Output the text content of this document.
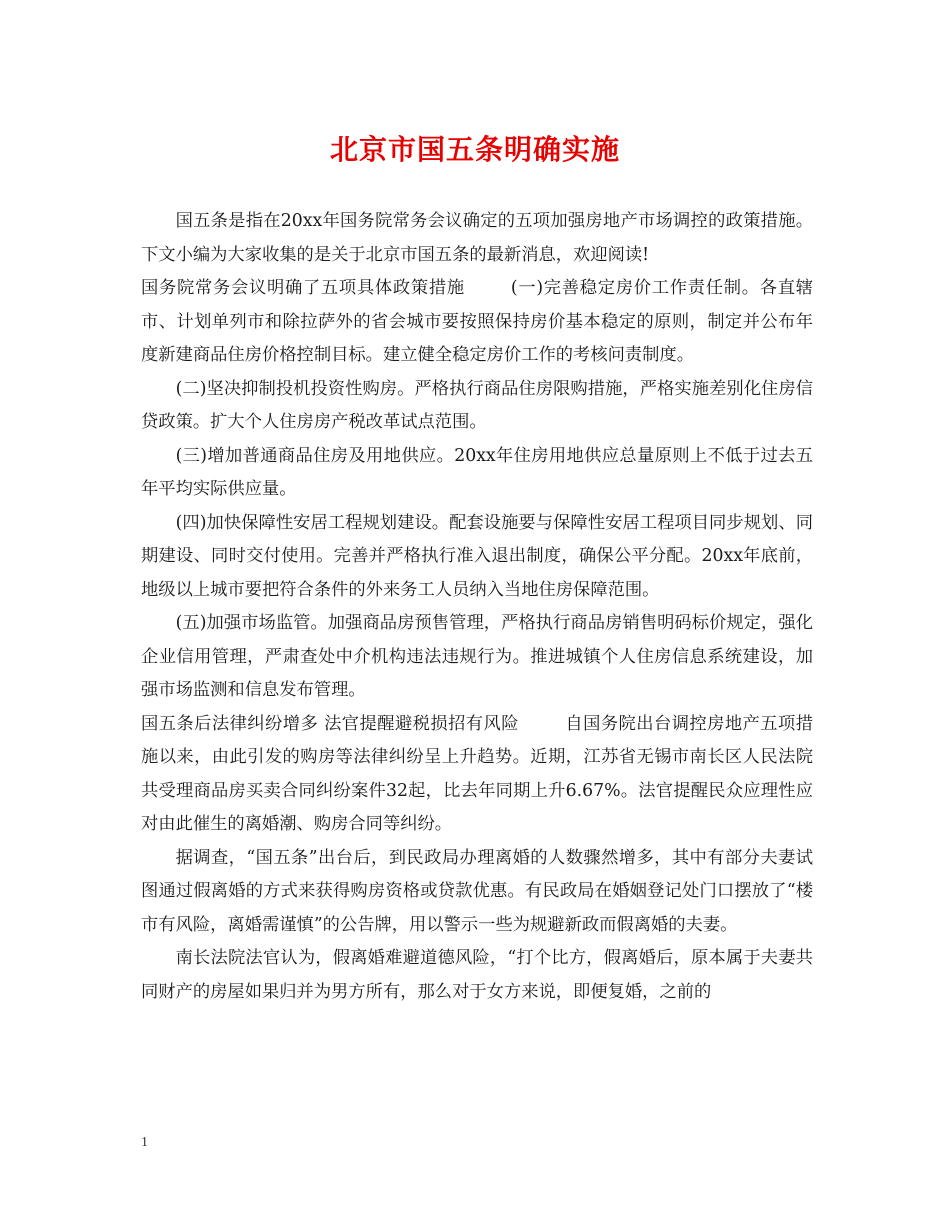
北京市国五条明确实施

国五条是指在20xx年国务院常务会议确定的五项加强房地产市场调控的政策措施。下文小编为大家收集的是关于北京市国五条的最新消息，欢迎阅读!

国务院常务会议明确了五项具体政策措施	(一)完善稳定房价工作责任制。各直辖市、计划单列市和除拉萨外的省会城市要按照保持房价基本稳定的原则，制定并公布年度新建商品住房价格控制目标。建立健全稳定房价工作的考核问责制度。

(二)坚决抑制投机投资性购房。严格执行商品住房限购措施，严格实施差别化住房信贷政策。扩大个人住房房产税改革试点范围。

(三)增加普通商品住房及用地供应。20xx年住房用地供应总量原则上不低于过去五年平均实际供应量。

(四)加快保障性安居工程规划建设。配套设施要与保障性安居工程项目同步规划、同期建设、同时交付使用。完善并严格执行准入退出制度，确保公平分配。20xx年底前，地级以上城市要把符合条件的外来务工人员纳入当地住房保障范围。

(五)加强市场监管。加强商品房预售管理，严格执行商品房销售明码标价规定，强化企业信用管理，严肃查处中介机构违法违规行为。推进城镇个人住房信息系统建设，加强市场监测和信息发布管理。

国五条后法律纠纷增多 法官提醒避税损招有风险	自国务院出台调控房地产五项措施以来，由此引发的购房等法律纠纷呈上升趋势。近期，江苏省无锡市南长区人民法院共受理商品房买卖合同纠纷案件32起，比去年同期上升6.67%。法官提醒民众应理性应对由此催生的离婚潮、购房合同等纠纷。

据调查，“国五条”出台后，到民政局办理离婚的人数骤然增多，其中有部分夫妻试图通过假离婚的方式来获得购房资格或贷款优惠。有民政局在婚姻登记处门口摆放了“楼市有风险，离婚需谨慎”的公告牌，用以警示一些为规避新政而假离婚的夫妻。

南长法院法官认为，假离婚难避道德风险，“打个比方，假离婚后，原本属于夫妻共同财产的房屋如果归并为男方所有，那么对于女方来说，即便复婚，之前的

1
